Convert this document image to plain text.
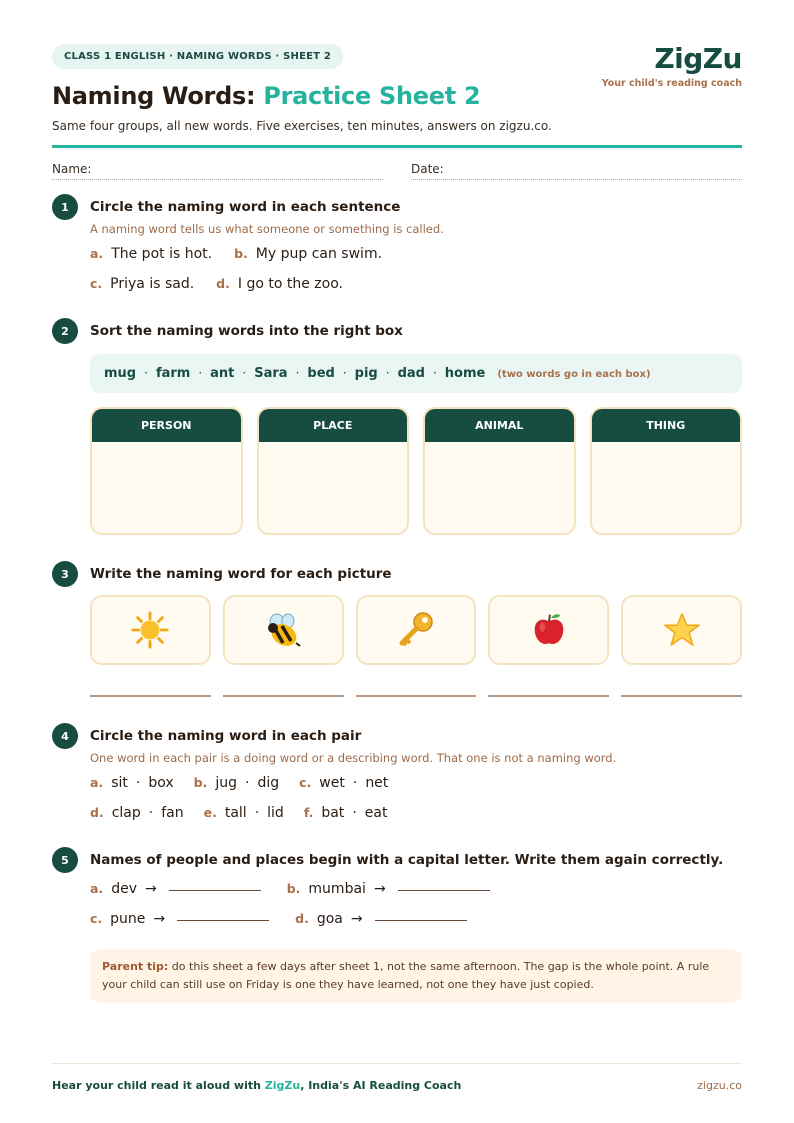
CLASS 1 ENGLISH · NAMING WORDS · SHEET 2	ZigZu
Your child's reading coach
Naming Words: Practice Sheet 2
Same four groups, all new words. Five exercises, ten minutes, answers on zigzu.co.
Name:	Date:
1	Circle the naming word in each sentence
A naming word tells us what someone or something is called.
a. The pot is hot. b. My pup can swim.
c. Priya is sad. d. I go to the zoo.
2	Sort the naming words into the right box
mug · farm · ant · Sara · bed · pig · dad · home (two words go in each box)
PERSON	PLACE	ANIMAL	THING
3	Write the naming word for each picture
4	Circle the naming word in each pair
One word in each pair is a doing word or a describing word. That one is not a naming word.
a. sit · box b. jug · dig c. wet · net
d. clap · fan e. tall · lid f. bat · eat
5	Names of people and places begin with a capital letter. Write them again correctly.
a. dev →	b. mumbai →
c. pune →	d. goa →
Parent tip: do this sheet a few days after sheet 1, not the same afternoon. The gap is the whole point. A rule your child can still use on Friday is one they have learned, not one they have just copied.
Hear your child read it aloud with ZigZu, India's AI Reading Coach	zigzu.co
